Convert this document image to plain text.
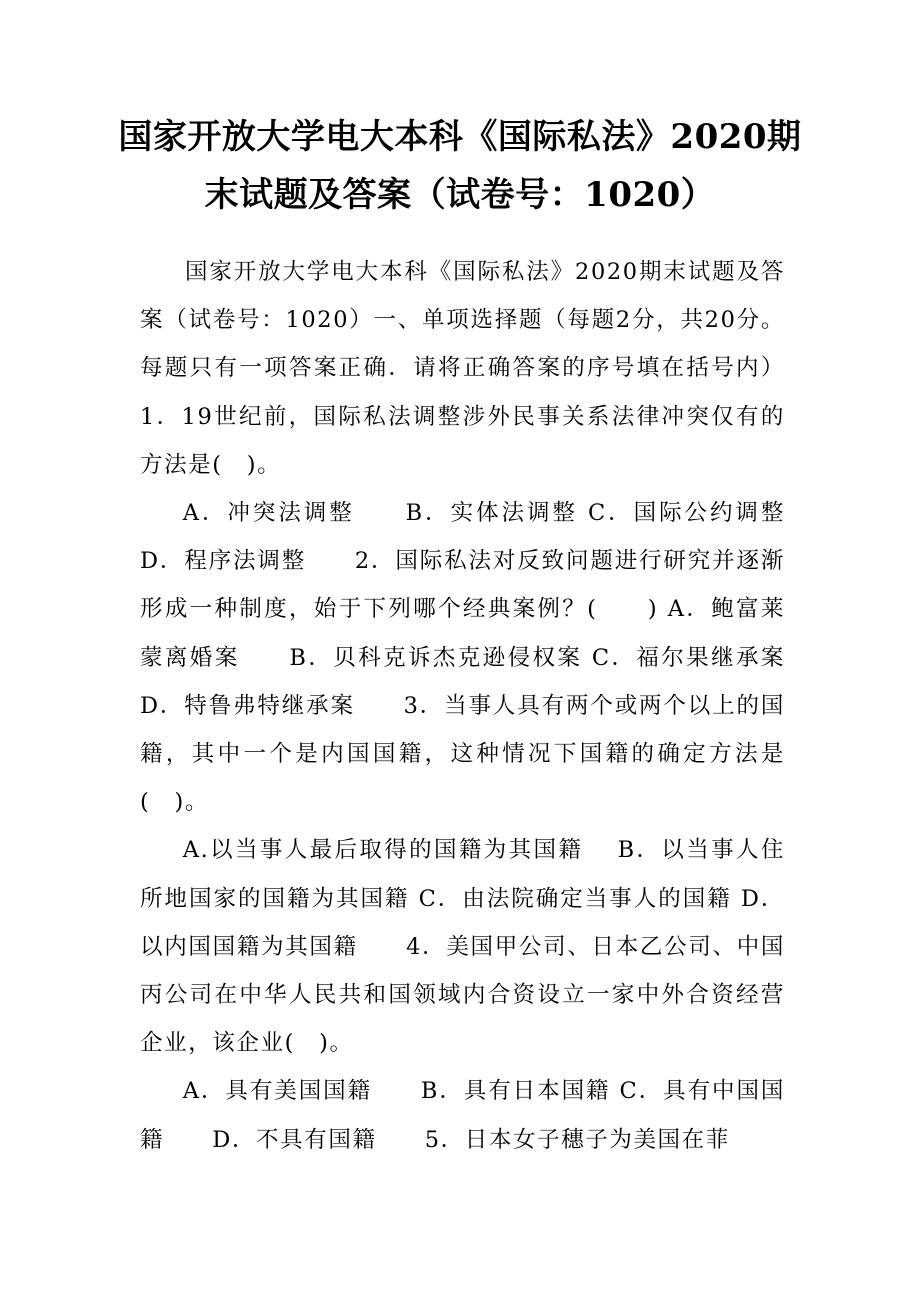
国家开放大学电大本科《国际私法》2020期
末试题及答案（试卷号：1020）

国家开放大学电大本科《国际私法》2020期末试题及答案（试卷号：1020）一、单项选择题（每题2分，共20分。每题只有一项答案正确．请将正确答案的序号填在括号内）1．19世纪前，国际私法调整涉外民事关系法律冲突仅有的方法是(　)。

A．冲突法调整　　B．实体法调整 C．国际公约调整 D．程序法调整　　2．国际私法对反致问题进行研究并逐渐形成一种制度，始于下列哪个经典案例？(　　) A．鲍富莱蒙离婚案　　B．贝科克诉杰克逊侵权案 C．福尔果继承案　　D．特鲁弗特继承案　　3．当事人具有两个或两个以上的国籍，其中一个是内国国籍，这种情况下国籍的确定方法是(　)。

A.以当事人最后取得的国籍为其国籍　 B．以当事人住所地国家的国籍为其国籍 C．由法院确定当事人的国籍 D．以内国国籍为其国籍　　4．美国甲公司、日本乙公司、中国丙公司在中华人民共和国领域内合资设立一家中外合资经营企业，该企业(　)。

A．具有美国国籍　　B．具有日本国籍 C．具有中国国籍　　D．不具有国籍　　5．日本女子穗子为美国在菲
